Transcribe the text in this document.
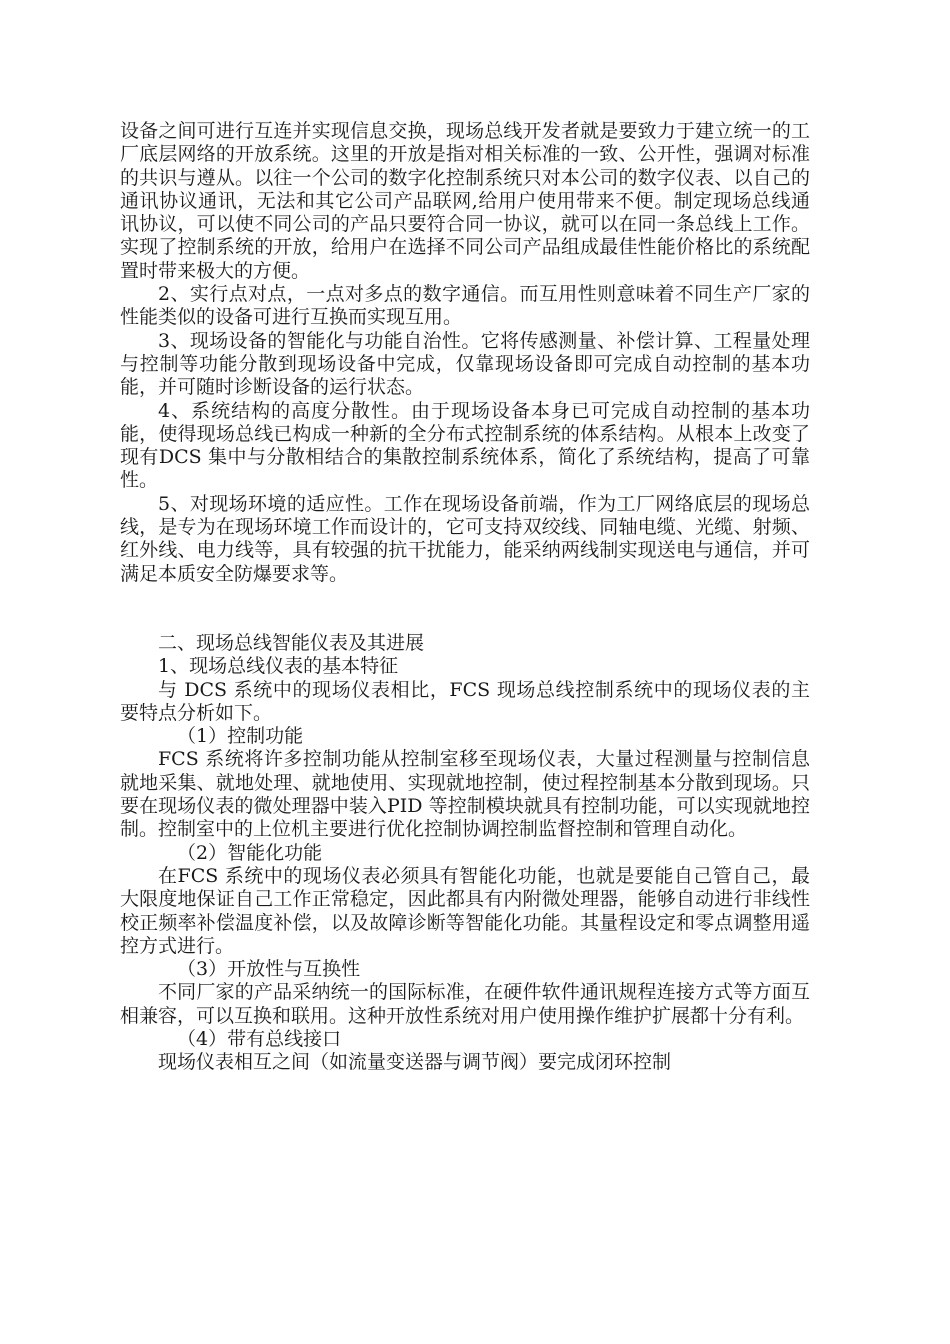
设备之间可进行互连并实现信息交换，现场总线开发者就是要致力于建立统一的工厂底层网络的开放系统。这里的开放是指对相关标准的一致、公开性，强调对标准的共识与遵从。以往一个公司的数字化控制系统只对本公司的数字仪表、以自己的通讯协议通讯，无法和其它公司产品联网,给用户使用带来不便。制定现场总线通讯协议，可以使不同公司的产品只要符合同一协议，就可以在同一条总线上工作。实现了控制系统的开放，给用户在选择不同公司产品组成最佳性能价格比的系统配置时带来极大的方便。

2、实行点对点，一点对多点的数字通信。而互用性则意味着不同生产厂家的性能类似的设备可进行互换而实现互用。

3、现场设备的智能化与功能自治性。它将传感测量、补偿计算、工程量处理与控制等功能分散到现场设备中完成，仅靠现场设备即可完成自动控制的基本功能，并可随时诊断设备的运行状态。

4、系统结构的高度分散性。由于现场设备本身已可完成自动控制的基本功能，使得现场总线已构成一种新的全分布式控制系统的体系结构。从根本上改变了现有DCS 集中与分散相结合的集散控制系统体系，简化了系统结构，提高了可靠性。

5、对现场环境的适应性。工作在现场设备前端，作为工厂网络底层的现场总线，是专为在现场环境工作而设计的，它可支持双绞线、同轴电缆、光缆、射频、红外线、电力线等，具有较强的抗干扰能力，能采纳两线制实现送电与通信，并可满足本质安全防爆要求等。

二、现场总线智能仪表及其进展

1、现场总线仪表的基本特征

与 DCS 系统中的现场仪表相比，FCS 现场总线控制系统中的现场仪表的主要特点分析如下。

（1）控制功能

FCS 系统将许多控制功能从控制室移至现场仪表，大量过程测量与控制信息就地采集、就地处理、就地使用、实现就地控制，使过程控制基本分散到现场。只要在现场仪表的微处理器中装入PID 等控制模块就具有控制功能，可以实现就地控制。控制室中的上位机主要进行优化控制协调控制监督控制和管理自动化。

（2）智能化功能

在FCS 系统中的现场仪表必须具有智能化功能，也就是要能自己管自己，最大限度地保证自己工作正常稳定，因此都具有内附微处理器，能够自动进行非线性校正频率补偿温度补偿，以及故障诊断等智能化功能。其量程设定和零点调整用遥控方式进行。

（3）开放性与互换性

不同厂家的产品采纳统一的国际标准，在硬件软件通讯规程连接方式等方面互相兼容，可以互换和联用。这种开放性系统对用户使用操作维护扩展都十分有利。

（4）带有总线接口

现场仪表相互之间（如流量变送器与调节阀）要完成闭环控制
